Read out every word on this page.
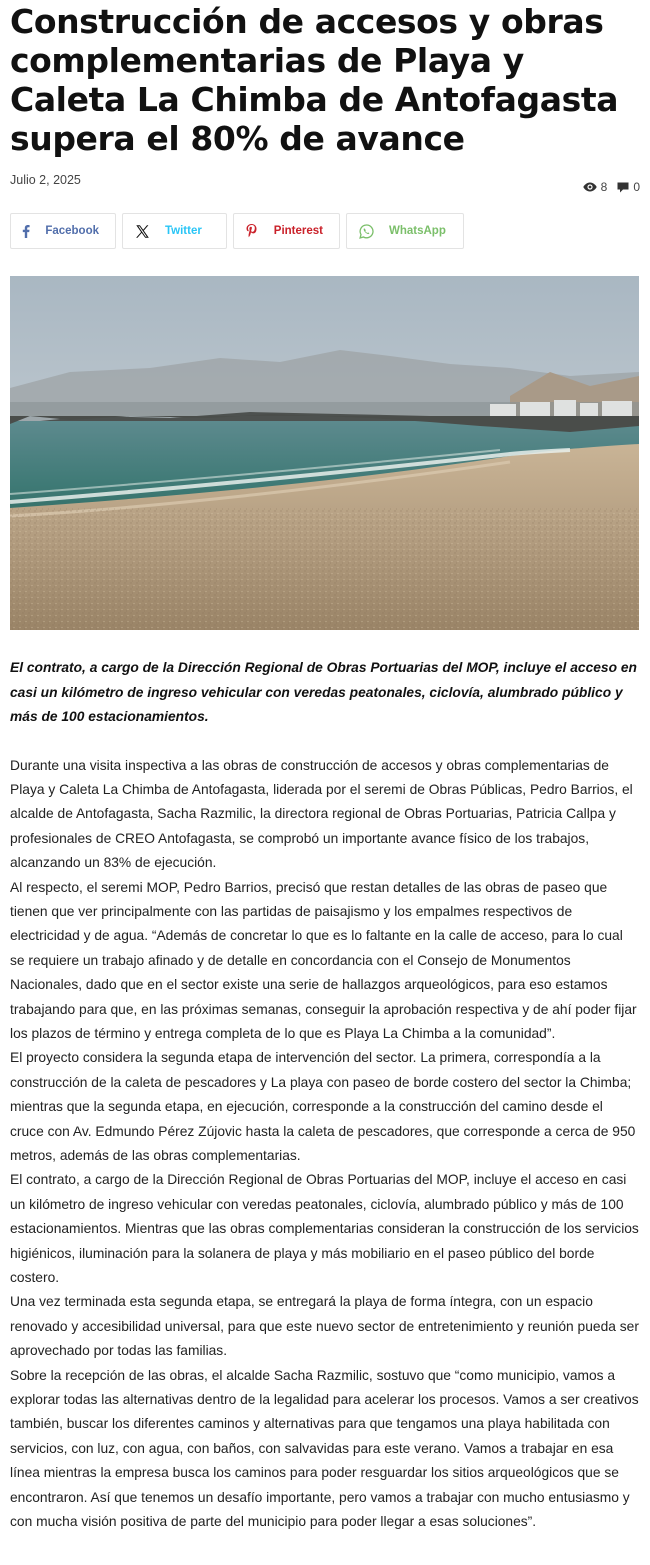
Construcción de accesos y obras complementarias de Playa y Caleta La Chimba de Antofagasta supera el 80% de avance
Julio 2, 2025	8 0
Facebook	Twitter	Pinterest	WhatsApp

El contrato, a cargo de la Dirección Regional de Obras Portuarias del MOP, incluye el acceso en casi un kilómetro de ingreso vehicular con veredas peatonales, ciclovía, alumbrado público y más de 100 estacionamientos.

Durante una visita inspectiva a las obras de construcción de accesos y obras complementarias de Playa y Caleta La Chimba de Antofagasta, liderada por el seremi de Obras Públicas, Pedro Barrios, el alcalde de Antofagasta, Sacha Razmilic, la directora regional de Obras Portuarias, Patricia Callpa y profesionales de CREO Antofagasta, se comprobó un importante avance físico de los trabajos, alcanzando un 83% de ejecución.

Al respecto, el seremi MOP, Pedro Barrios, precisó que restan detalles de las obras de paseo que tienen que ver principalmente con las partidas de paisajismo y los empalmes respectivos de electricidad y de agua. “Además de concretar lo que es lo faltante en la calle de acceso, para lo cual se requiere un trabajo afinado y de detalle en concordancia con el Consejo de Monumentos Nacionales, dado que en el sector existe una serie de hallazgos arqueológicos, para eso estamos trabajando para que, en las próximas semanas, conseguir la aprobación respectiva y de ahí poder fijar los plazos de término y entrega completa de lo que es Playa La Chimba a la comunidad”.

El proyecto considera la segunda etapa de intervención del sector. La primera, correspondía a la construcción de la caleta de pescadores y La playa con paseo de borde costero del sector la Chimba; mientras que la segunda etapa, en ejecución, corresponde a la construcción del camino desde el cruce con Av. Edmundo Pérez Zújovic hasta la caleta de pescadores, que corresponde a cerca de 950 metros, además de las obras complementarias.

El contrato, a cargo de la Dirección Regional de Obras Portuarias del MOP, incluye el acceso en casi un kilómetro de ingreso vehicular con veredas peatonales, ciclovía, alumbrado público y más de 100 estacionamientos. Mientras que las obras complementarias consideran la construcción de los servicios higiénicos, iluminación para la solanera de playa y más mobiliario en el paseo público del borde costero.

Una vez terminada esta segunda etapa, se entregará la playa de forma íntegra, con un espacio renovado y accesibilidad universal, para que este nuevo sector de entretenimiento y reunión pueda ser aprovechado por todas las familias.

Sobre la recepción de las obras, el alcalde Sacha Razmilic, sostuvo que “como municipio, vamos a explorar todas las alternativas dentro de la legalidad para acelerar los procesos. Vamos a ser creativos también, buscar los diferentes caminos y alternativas para que tengamos una playa habilitada con servicios, con luz, con agua, con baños, con salvavidas para este verano. Vamos a trabajar en esa línea mientras la empresa busca los caminos para poder resguardar los sitios arqueológicos que se encontraron. Así que tenemos un desafío importante, pero vamos a trabajar con mucho entusiasmo y con mucha visión positiva de parte del municipio para poder llegar a esas soluciones”.
